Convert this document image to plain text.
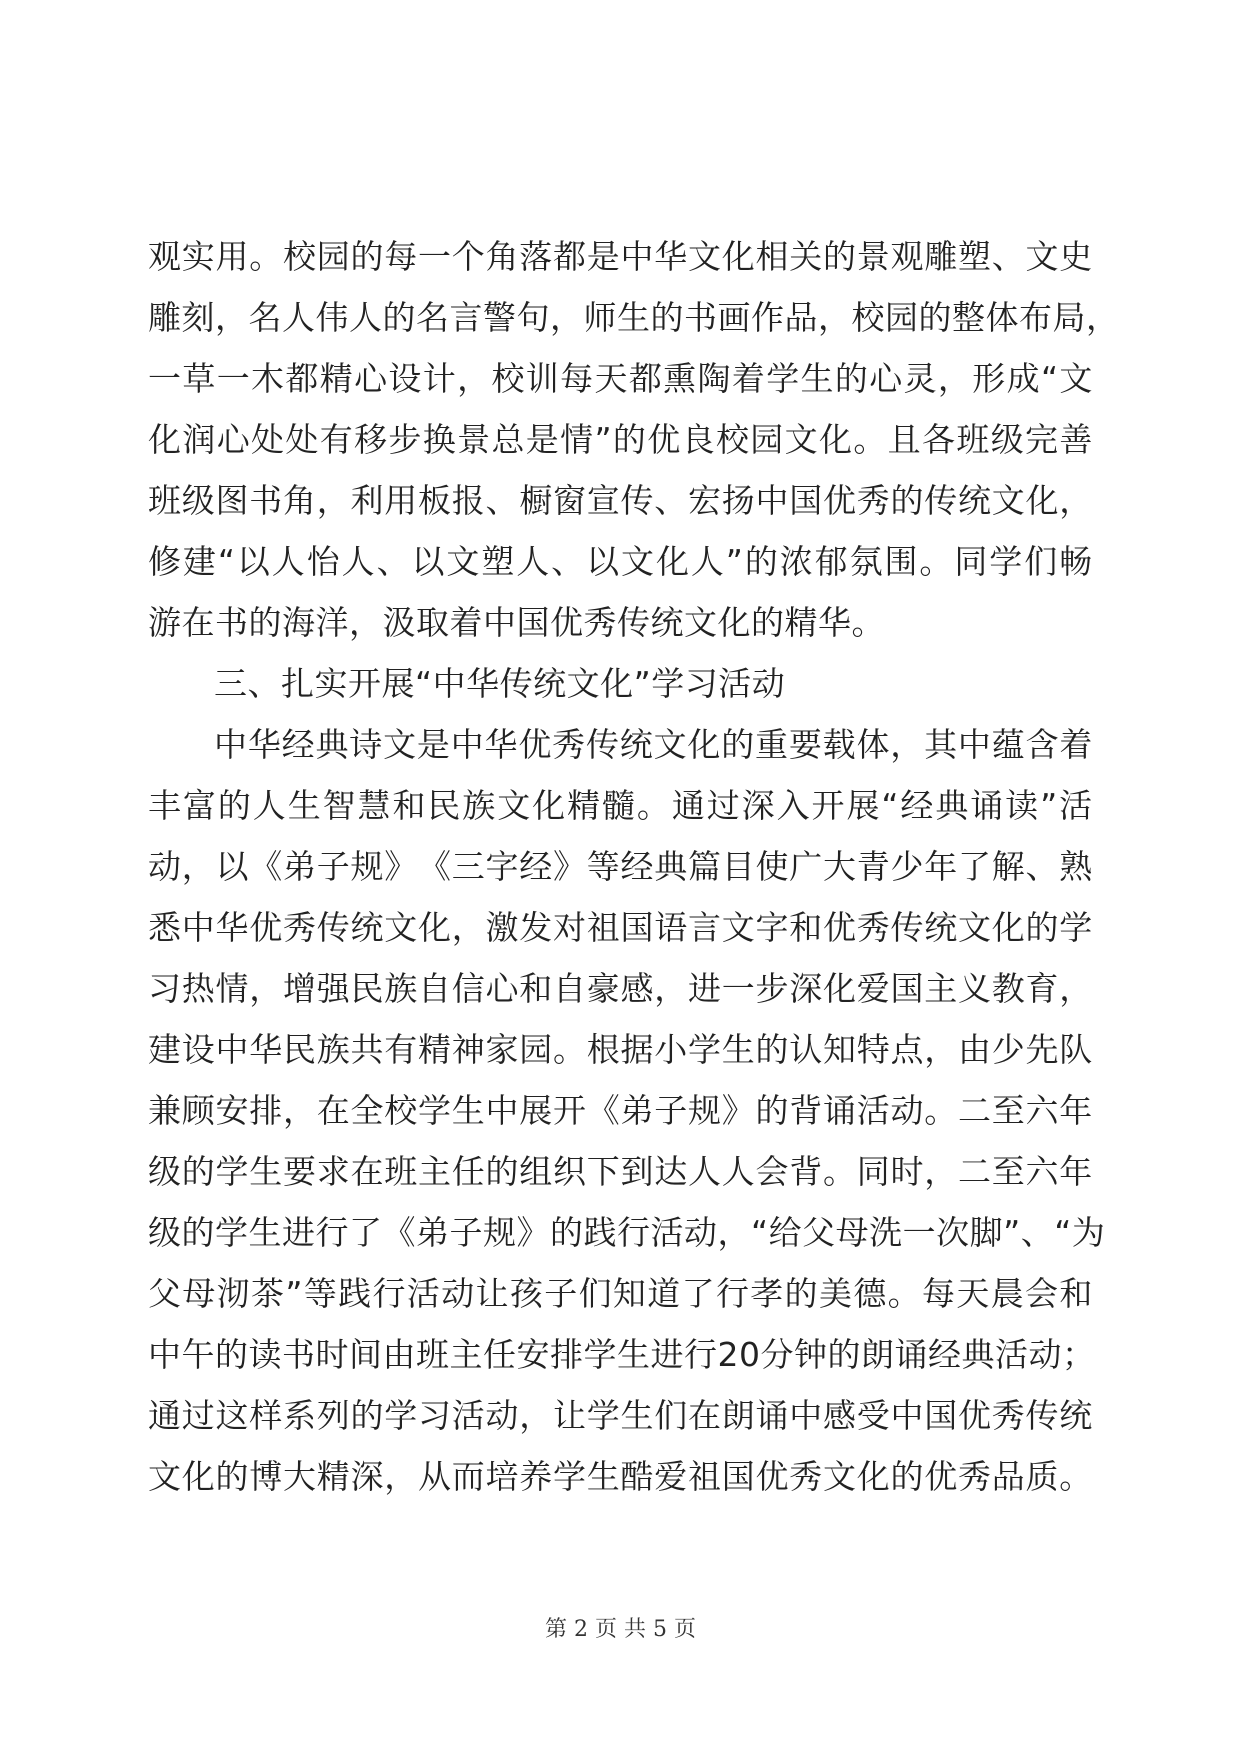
观 实 用 。 校 园 的 每 一 个 角 落 都 是 中 华 文 化 相 关 的 景 观 雕 塑 、 文 史
雕 刻 ， 名 人 伟 人 的 名 言 警 句 ， 师 生 的 书 画 作 品 ， 校 园 的 整 体 布 局 ，
一 草 一 木 都 精 心 设 计 ， 校 训 每 天 都 熏 陶 着 学 生 的 心 灵 ， 形 成 “ 文
化 润 心 处 处 有 移 步 换 景 总 是 情 ” 的 优 良 校 园 文 化 。 且 各 班 级 完 善
班 级 图 书 角 ， 利 用 板 报 、 橱 窗 宣 传 、 宏 扬 中 国 优 秀 的 传 统 文 化 ，
修 建 “ 以 人 怡 人 、 以 文 塑 人 、 以 文 化 人 ” 的 浓 郁 氛 围 。 同 学 们 畅
游在书的海洋，汲取着中国优秀传统文化的精华。
三、扎实开展“中华传统文化”学习活动
中 华 经 典 诗 文 是 中 华 优 秀 传 统 文 化 的 重 要 载 体 ， 其 中 蕴 含 着
丰 富 的 人 生 智 慧 和 民 族 文 化 精 髓 。 通 过 深 入 开 展 “ 经 典 诵 读 ” 活
动 ， 以 《 弟 子 规 》 《 三 字 经 》 等 经 典 篇 目 使 广 大 青 少 年 了 解 、 熟
悉 中 华 优 秀 传 统 文 化 ， 激 发 对 祖 国 语 言 文 字 和 优 秀 传 统 文 化 的 学
习 热 情 ， 增 强 民 族 自 信 心 和 自 豪 感 ， 进 一 步 深 化 爱 国 主 义 教 育 ，
建 设 中 华 民 族 共 有 精 神 家 园 。 根 据 小 学 生 的 认 知 特 点 ， 由 少 先 队
兼 顾 安 排 ， 在 全 校 学 生 中 展 开 《 弟 子 规 》 的 背 诵 活 动 。 二 至 六 年
级 的 学 生 要 求 在 班 主 任 的 组 织 下 到 达 人 人 会 背 。 同 时 ， 二 至 六 年
级 的 学 生 进 行 了 《 弟 子 规 》 的 践 行 活 动 ， “ 给 父 母 洗 一 次 脚 ” 、 “ 为
父 母 沏 茶 ” 等 践 行 活 动 让 孩 子 们 知 道 了 行 孝 的 美 德 。 每 天 晨 会 和
中 午 的 读 书 时 间 由 班 主 任 安 排 学 生 进 行 2 0 分 钟 的 朗 诵 经 典 活 动 ；
通 过 这 样 系 列 的 学 习 活 动 ， 让 学 生 们 在 朗 诵 中 感 受 中 国 优 秀 传 统
文 化 的 博 大 精 深 ， 从 而 培 养 学 生 酷 爱 祖 国 优 秀 文 化 的 优 秀 品 质 。
第 2 页 共 5 页
